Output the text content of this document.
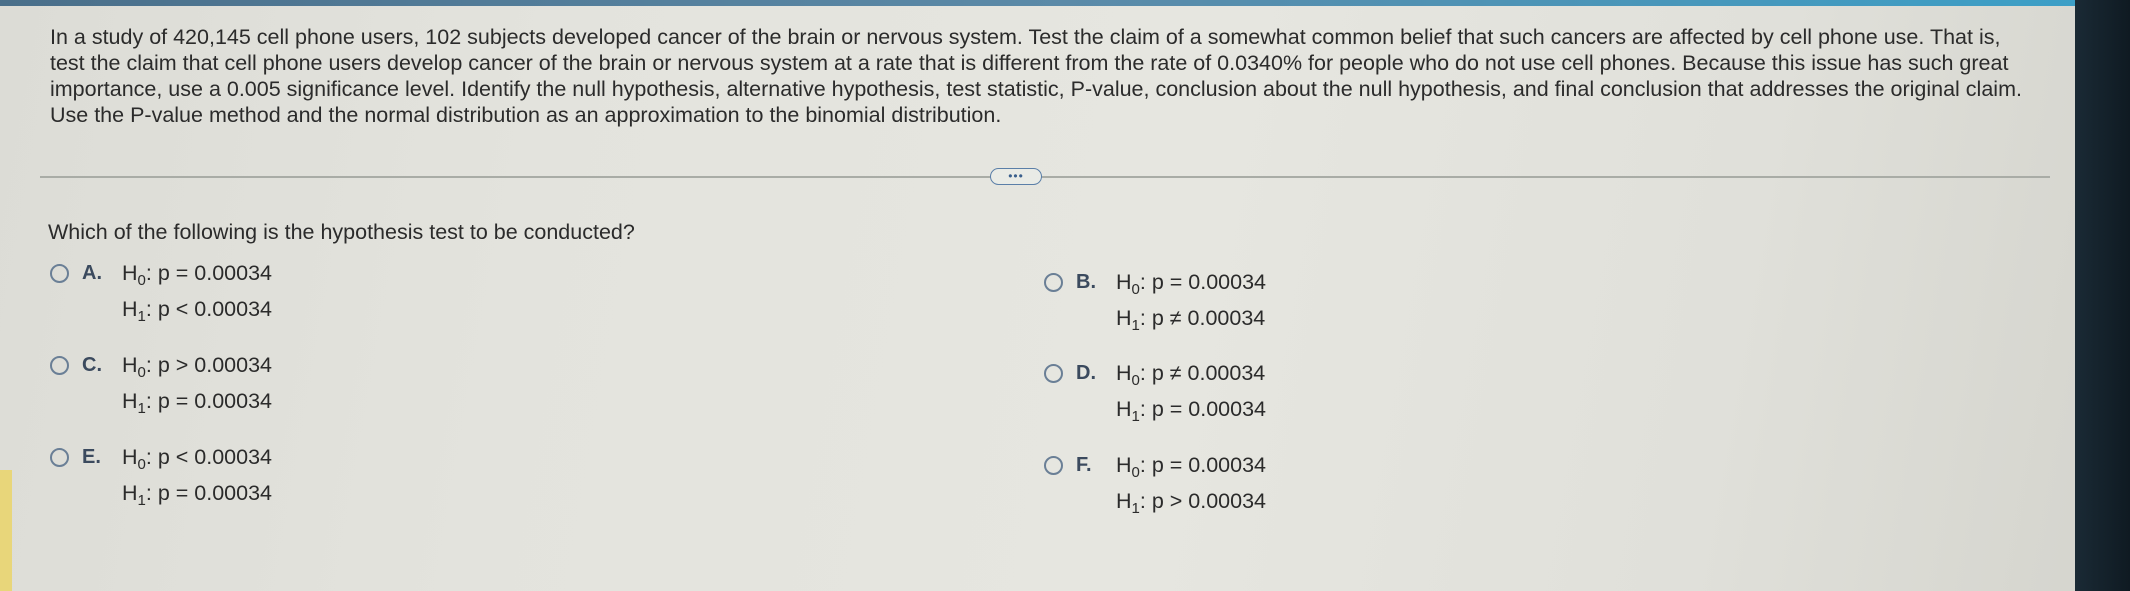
In a study of 420,145 cell phone users, 102 subjects developed cancer of the brain or nervous system. Test the claim of a somewhat common belief that such cancers are affected by cell phone use. That is, test the claim that cell phone users develop cancer of the brain or nervous system at a rate that is different from the rate of 0.0340% for people who do not use cell phones. Because this issue has such great importance, use a 0.005 significance level. Identify the null hypothesis, alternative hypothesis, test statistic, P-value, conclusion about the null hypothesis, and final conclusion that addresses the original claim. Use the P-value method and the normal distribution as an approximation to the binomial distribution.
•••
Which of the following is the hypothesis test to be conducted?
A. $H_0$: p = 0.00034
$H_1$: p < 0.00034
B. $H_0$: p = 0.00034
$H_1$: p ≠ 0.00034
C. $H_0$: p > 0.00034
$H_1$: p = 0.00034
D. $H_0$: p ≠ 0.00034
$H_1$: p = 0.00034
E. $H_0$: p < 0.00034
$H_1$: p = 0.00034
F. $H_0$: p = 0.00034
$H_1$: p > 0.00034
